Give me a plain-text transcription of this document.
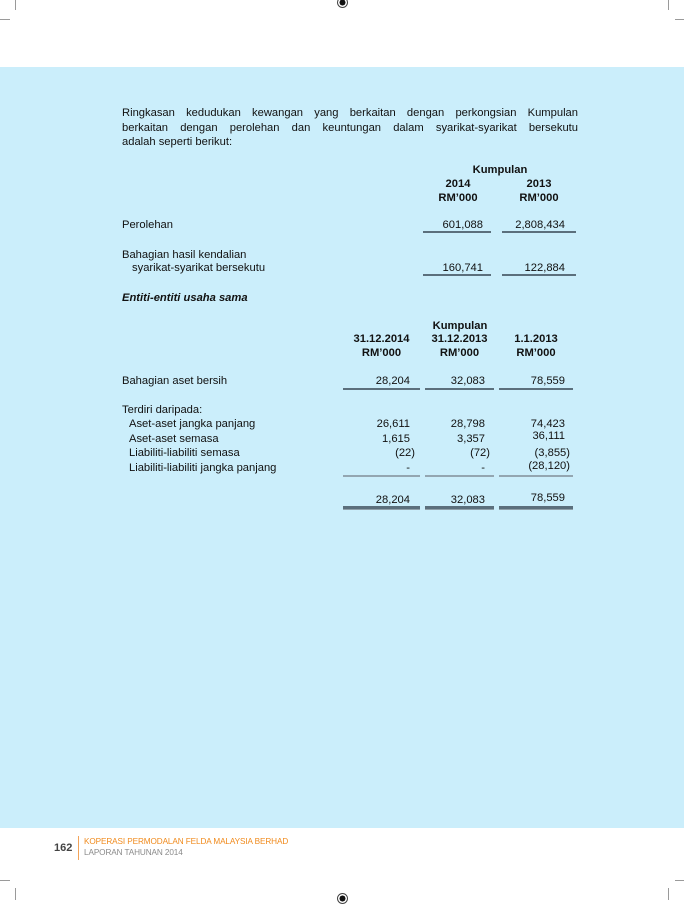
Ringkasan kedudukan kewangan yang berkaitan dengan perkongsian Kumpulan
berkaitan dengan perolehan dan keuntungan dalam syarikat-syarikat bersekutu
adalah seperti berikut:
Kumpulan
2014	2013
RM’000	RM’000
Perolehan	601,088	2,808,434
Bahagian hasil kendalian
syarikat-syarikat bersekutu	160,741	122,884
Entiti-entiti usaha sama
Kumpulan
31.12.2014	31.12.2013	1.1.2013
RM’000	RM’000	RM’000
Bahagian aset bersih	28,204	32,083	78,559
Terdiri daripada:
Aset-aset jangka panjang	26,611	28,798	74,423
Aset-aset semasa	1,615	3,357	36,111
Liabiliti-liabiliti semasa	(22)	(72)	(3,855)
Liabiliti-liabiliti jangka panjang	-	-	(28,120)
28,204	32,083	78,559
162
KOPERASI PERMODALAN FELDA MALAYSIA BERHAD
LAPORAN TAHUNAN 2014
